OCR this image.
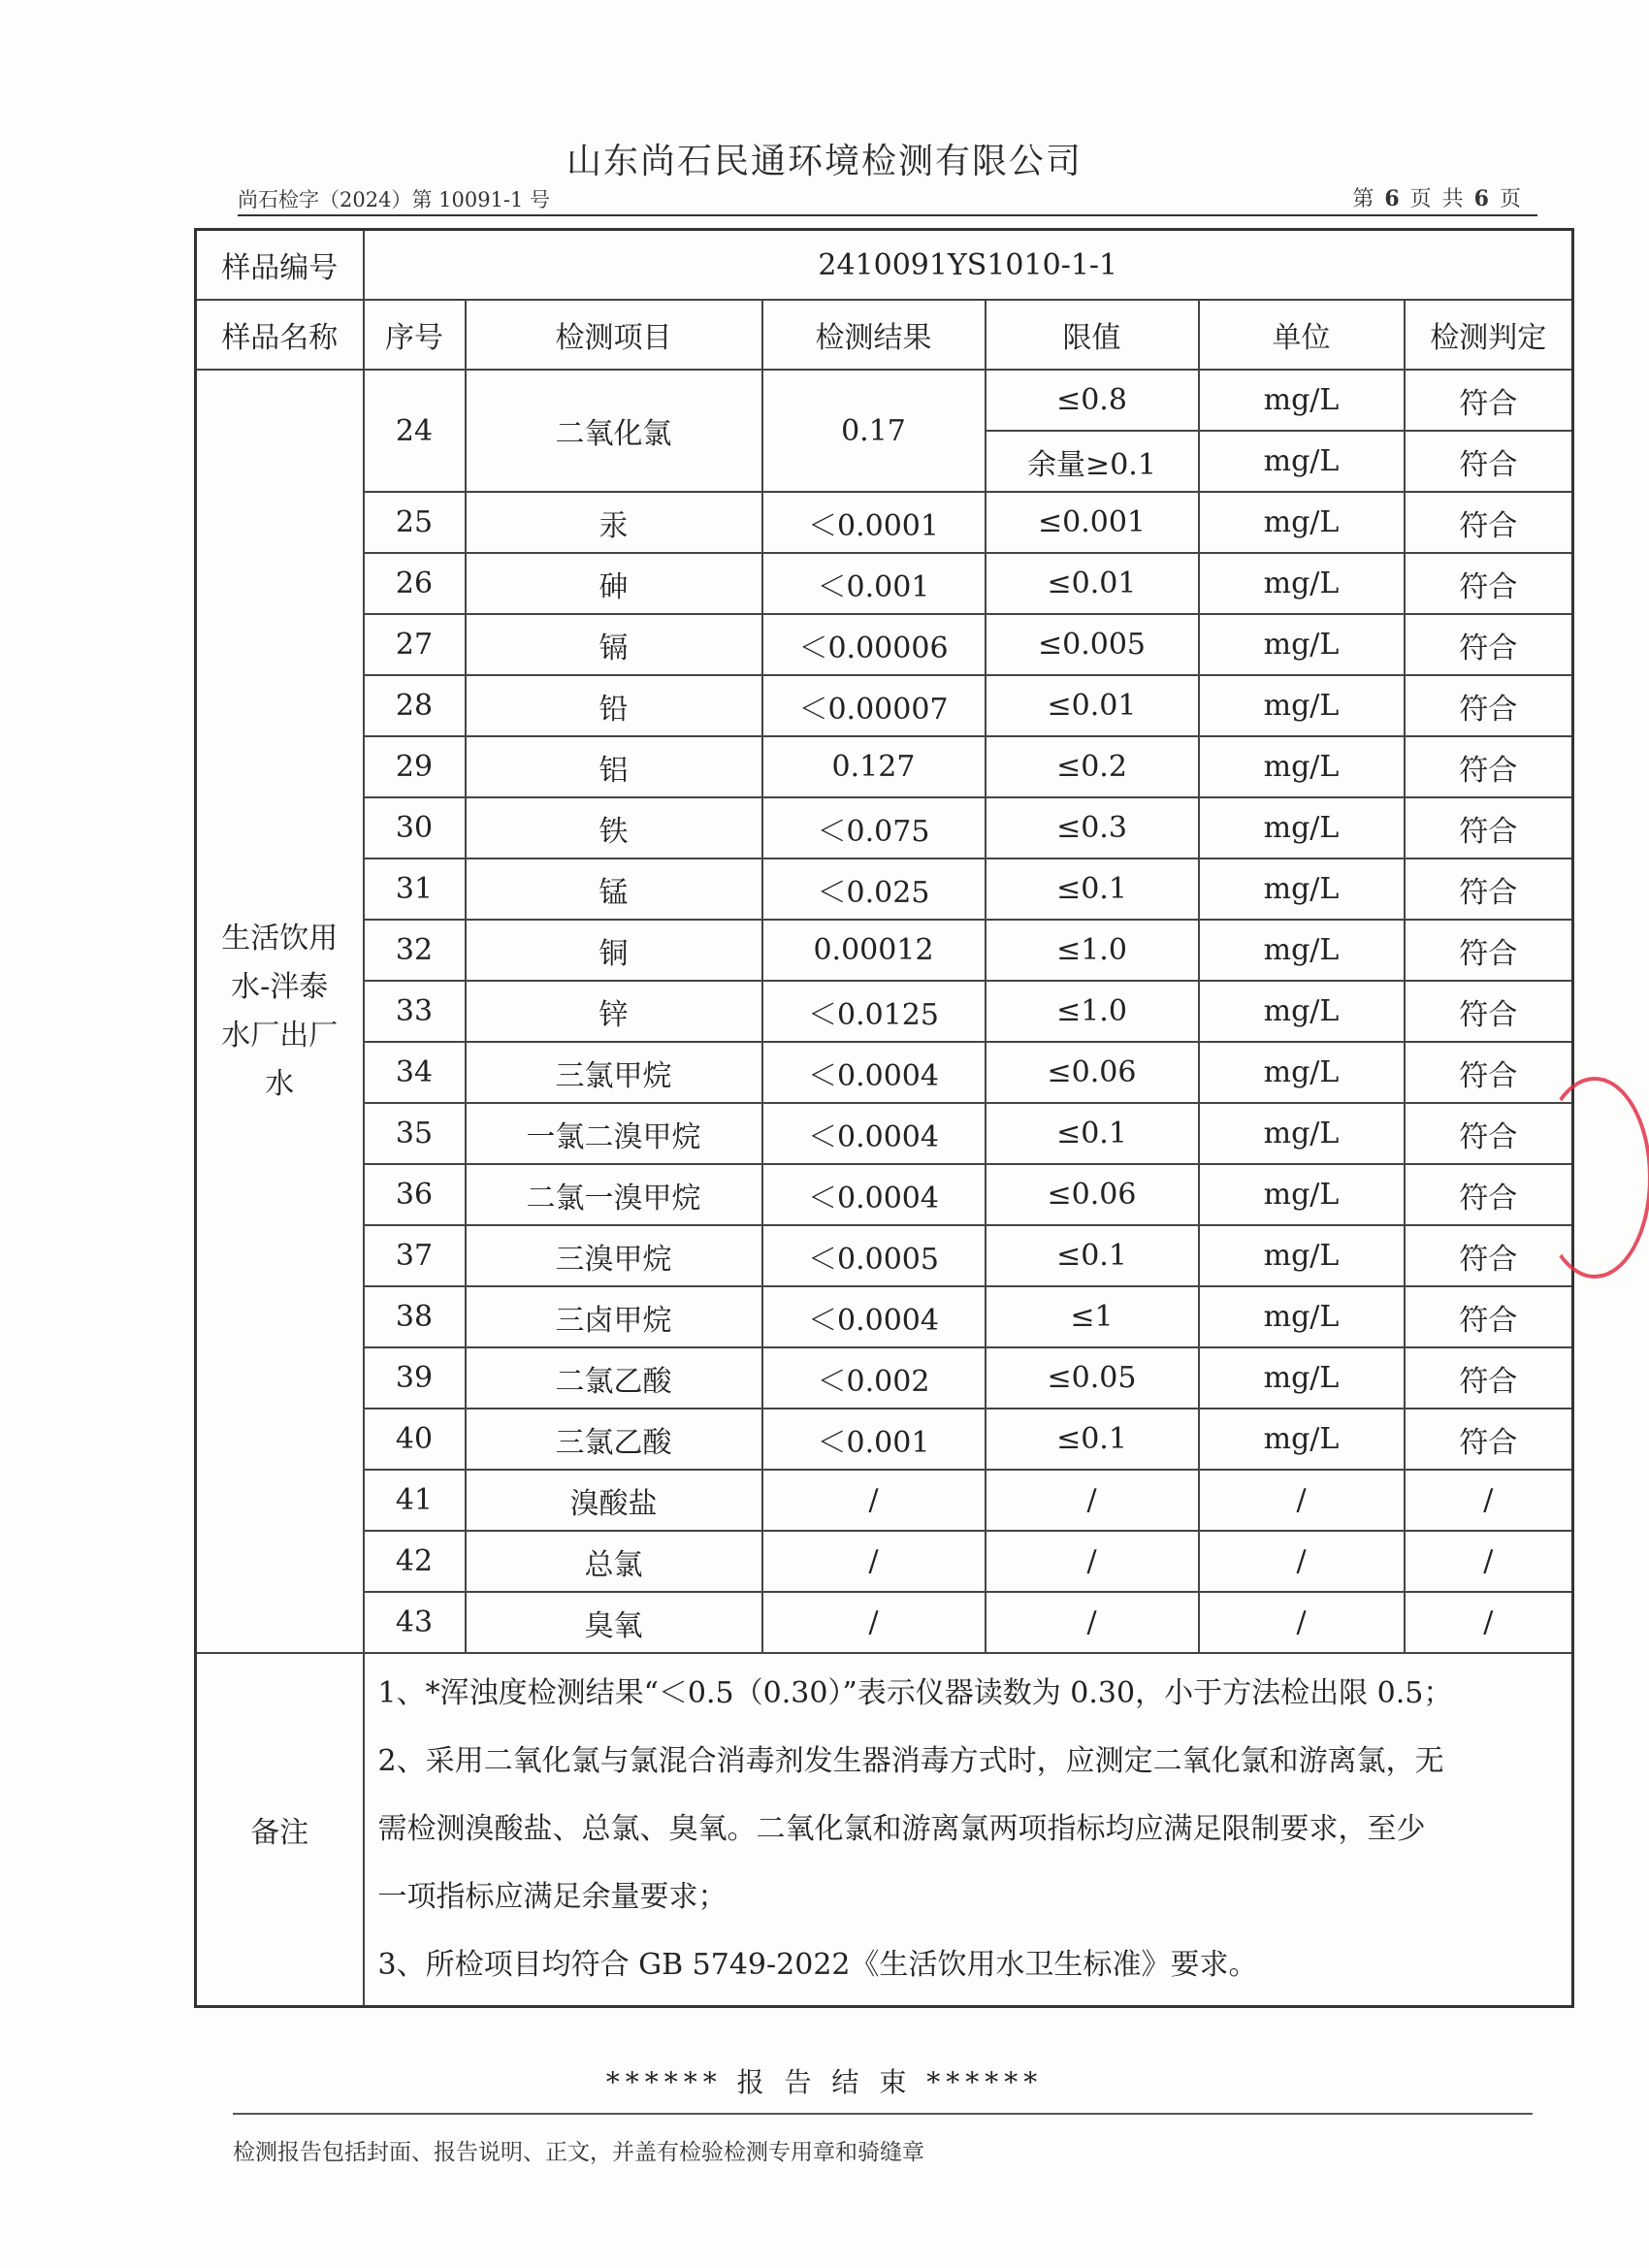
山东尚石民通环境检测有限公司
尚石检字（2024）第 10091-1 号	第 6 页 共 6 页
样品编号	2410091YS1010-1-1					
样品名称	序号	检测项目	检测结果	限值	单位	检测判定

生活饮用
水-泮泰
水厂出厂
水	24	二氧化氯	0.17	≤0.8	mg/L	符合
				余量≥0.1	mg/L	符合
	25	汞	＜0.0001	≤0.001	mg/L	符合
	26	砷	＜0.001	≤0.01	mg/L	符合
	27	镉	＜0.00006	≤0.005	mg/L	符合
	28	铅	＜0.00007	≤0.01	mg/L	符合
	29	铝	0.127	≤0.2	mg/L	符合
	30	铁	＜0.075	≤0.3	mg/L	符合
	31	锰	＜0.025	≤0.1	mg/L	符合
	32	铜	0.00012	≤1.0	mg/L	符合
	33	锌	＜0.0125	≤1.0	mg/L	符合
	34	三氯甲烷	＜0.0004	≤0.06	mg/L	符合
	35	一氯二溴甲烷	＜0.0004	≤0.1	mg/L	符合
	36	二氯一溴甲烷	＜0.0004	≤0.06	mg/L	符合
	37	三溴甲烷	＜0.0005	≤0.1	mg/L	符合
	38	三卤甲烷	＜0.0004	≤1	mg/L	符合
	39	二氯乙酸	＜0.002	≤0.05	mg/L	符合
	40	三氯乙酸	＜0.001	≤0.1	mg/L	符合
	41	溴酸盐	/	/	/	/
	42	总氯	/	/	/	/
	43	臭氧	/	/	/	/
备注	1、*浑浊度检测结果“＜0.5（0.30）”表示仪器读数为 0.30，小于方法检出限 0.5；
2、采用二氧化氯与氯混合消毒剂发生器消毒方式时，应测定二氧化氯和游离氯，无
需检测溴酸盐、总氯、臭氧。二氧化氯和游离氯两项指标均应满足限制要求，至少
一项指标应满足余量要求；
3、所检项目均符合 GB 5749-2022《生活饮用水卫生标准》要求。					
****** 报 告 结 束 ******
检测报告包括封面、报告说明、正文，并盖有检验检测专用章和骑缝章
